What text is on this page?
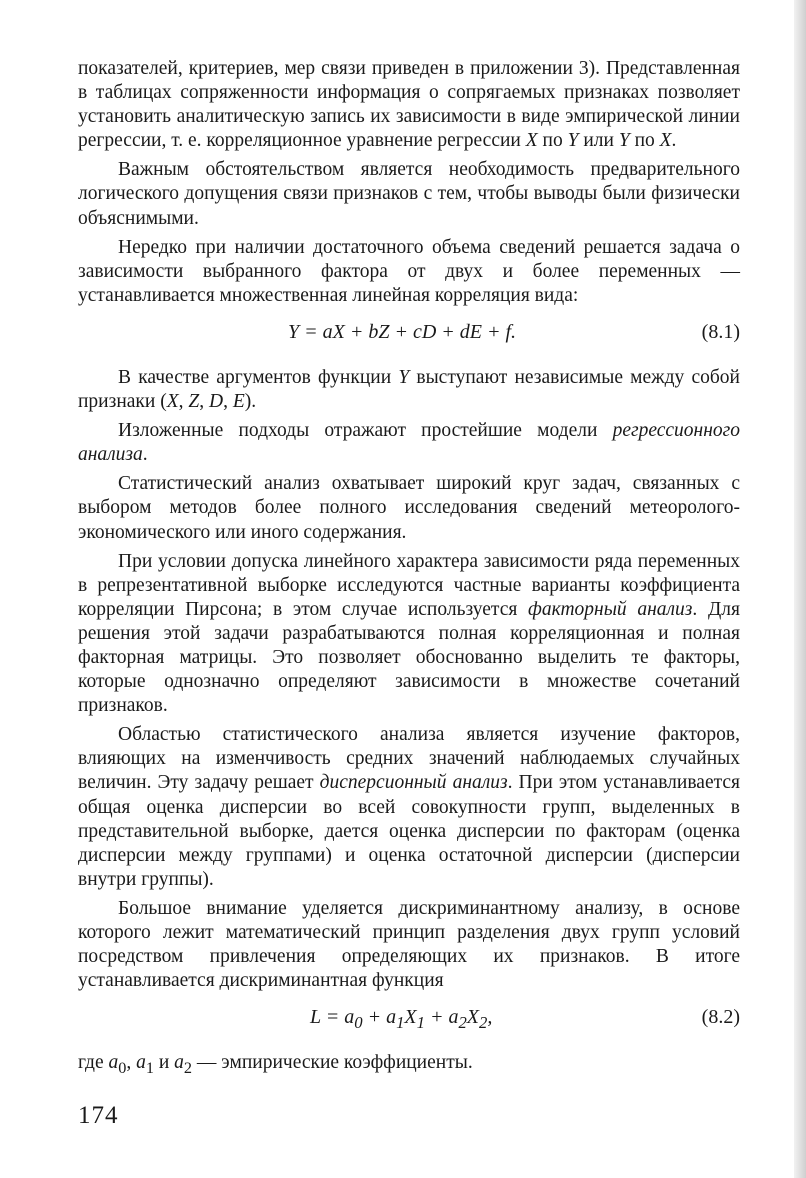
показателей, критериев, мер связи приведен в приложении 3). Представленная в таблицах сопряженности информация о сопрягаемых признаках позволяет установить аналитическую запись их зависимости в виде эмпирической линии регрессии, т. е. корреляционное уравнение регрессии X по Y или Y по X.

Важным обстоятельством является необходимость предварительного логического допущения связи признаков с тем, чтобы выводы были физически объяснимыми.

Нередко при наличии достаточного объема сведений решается задача о зависимости выбранного фактора от двух и более переменных — устанавливается множественная линейная корреляция вида:

Y = aX + bZ + cD + dE + f.	(8.1)

В качестве аргументов функции Y выступают независимые между собой признаки (X, Z, D, E).

Изложенные подходы отражают простейшие модели регрессионного анализа.

Статистический анализ охватывает широкий круг задач, связанных с выбором методов более полного исследования сведений метеоролого-экономического или иного содержания.

При условии допуска линейного характера зависимости ряда переменных в репрезентативной выборке исследуются частные варианты коэффициента корреляции Пирсона; в этом случае используется факторный анализ. Для решения этой задачи разрабатываются полная корреляционная и полная факторная матрицы. Это позволяет обоснованно выделить те факторы, которые однозначно определяют зависимости в множестве сочетаний признаков.

Областью статистического анализа является изучение факторов, влияющих на изменчивость средних значений наблюдаемых случайных величин. Эту задачу решает дисперсионный анализ. При этом устанавливается общая оценка дисперсии во всей совокупности групп, выделенных в представительной выборке, дается оценка дисперсии по факторам (оценка дисперсии между группами) и оценка остаточной дисперсии (дисперсии внутри группы).

Большое внимание уделяется дискриминантному анализу, в основе которого лежит математический принцип разделения двух групп условий посредством привлечения определяющих их признаков. В итоге устанавливается дискриминантная функция

$L = a_0 + a_1X_1 + a_2X_2$,	(8.2)

где $a_0$, $a_1$ и $a_2$ — эмпирические коэффициенты.

174
